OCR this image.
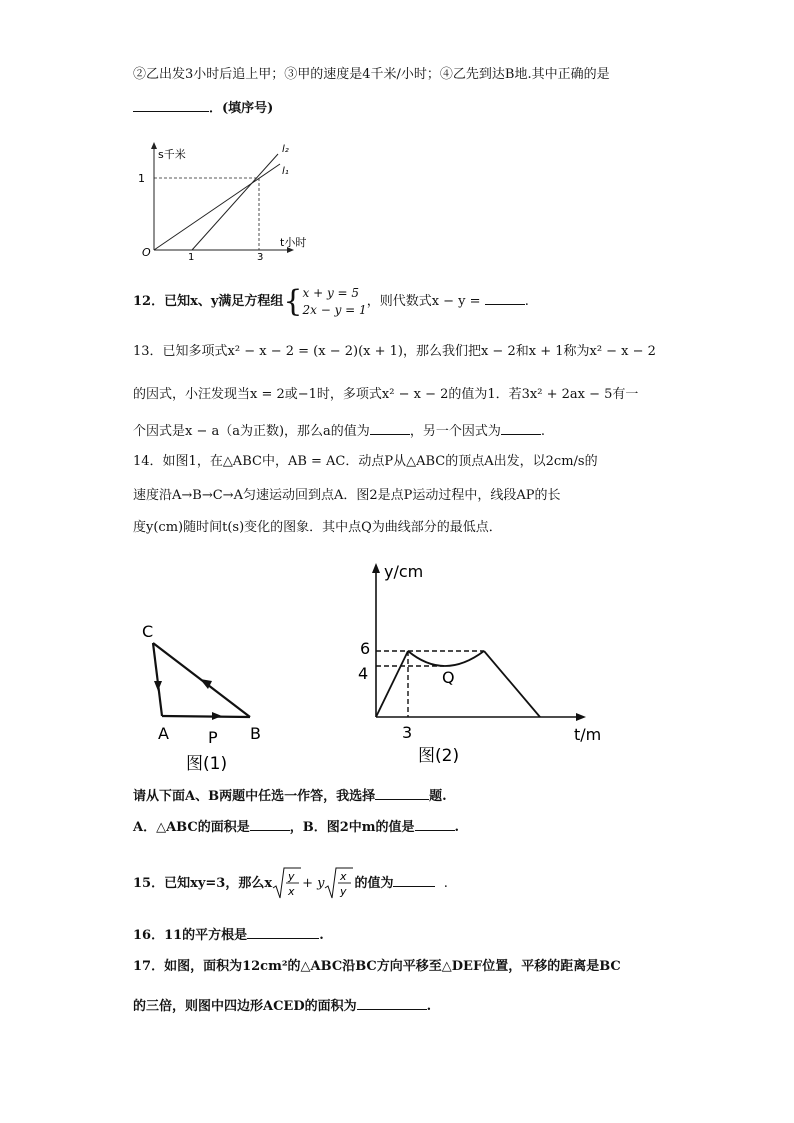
②乙出发3小时后追上甲；③甲的速度是4千米/小时；④乙先到达B地.其中正确的是
．(填序号)
s千米
t小时
O
1
1	3
l₂
l₁
12．已知x、y满足方程组{x + y = 5
2x − y = 1，则代数式x − y =	.
13．已知多项式x² − x − 2 = (x − 2)(x + 1)，那么我们把x − 2和x + 1称为x² − x − 2
的因式，小汪发现当x = 2或−1时，多项式x² − x − 2的值为1．若3x² + 2ax − 5有一
个因式是x − a（a为正数)，那么a的值为	，另一个因式为	.
14．如图1，在△ABC中，AB = AC．动点P从△ABC的顶点A出发，以2cm/s的
速度沿A→B→C→A匀速运动回到点A．图2是点P运动过程中，线段AP的长
度y(cm)随时间t(s)变化的图象．其中点Q为曲线部分的最低点．
C
A	B
P
图(1)
y/cm
t/m
6
4
3
Q
图(2)
请从下面A、B两题中任选一作答，我选择	题.
A．△ABC的面积是	，B．图2中m的值是	.
15．已知xy=3，那么x y
x
+ y x
y
的值为	.
16．11的平方根是	.
17．如图，面积为12cm²的△ABC沿BC方向平移至△DEF位置，平移的距离是BC
的三倍，则图中四边形ACED的面积为	.
